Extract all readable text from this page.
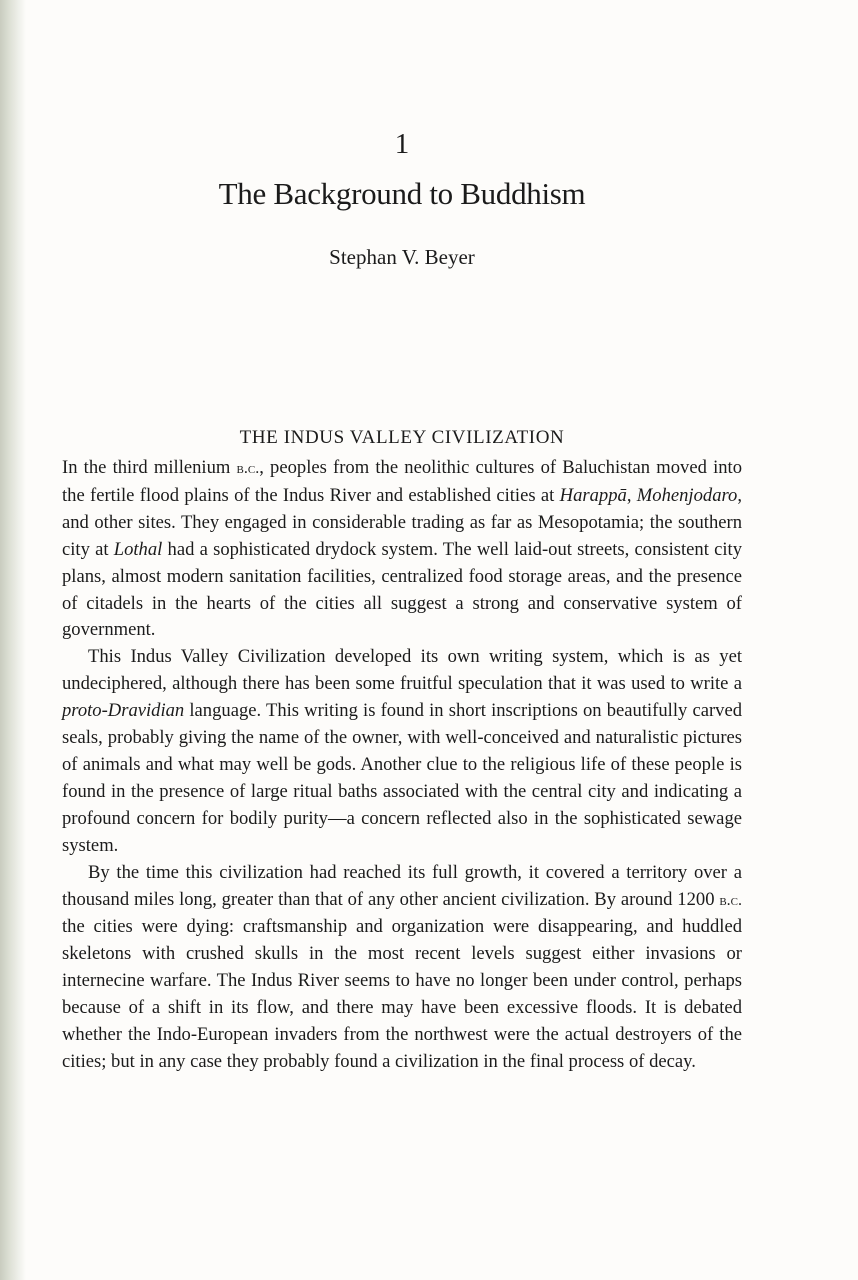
1
The Background to Buddhism
Stephan V. Beyer
THE INDUS VALLEY CIVILIZATION

In the third millenium b.c., peoples from the neolithic cultures of Baluchistan moved into the fertile flood plains of the Indus River and established cities at Harappā, Mohenjodaro, and other sites. They engaged in considerable trading as far as Mesopotamia; the southern city at Lothal had a sophisticated drydock system. The well laid-out streets, consistent city plans, almost modern sanitation facilities, centralized food storage areas, and the presence of citadels in the hearts of the cities all suggest a strong and conservative system of government.

This Indus Valley Civilization developed its own writing system, which is as yet undeciphered, although there has been some fruitful speculation that it was used to write a proto-Dravidian language. This writing is found in short inscriptions on beautifully carved seals, probably giving the name of the owner, with well-conceived and naturalistic pictures of animals and what may well be gods. Another clue to the religious life of these people is found in the presence of large ritual baths associated with the central city and indicating a profound concern for bodily purity—a concern reflected also in the sophisticated sewage system.

By the time this civilization had reached its full growth, it covered a territory over a thousand miles long, greater than that of any other ancient civilization. By around 1200 b.c. the cities were dying: craftsmanship and organization were disappearing, and huddled skeletons with crushed skulls in the most recent levels suggest either invasions or internecine warfare. The Indus River seems to have no longer been under control, perhaps because of a shift in its flow, and there may have been excessive floods. It is debated whether the Indo-European invaders from the northwest were the actual destroyers of the cities; but in any case they probably found a civilization in the final process of decay.
